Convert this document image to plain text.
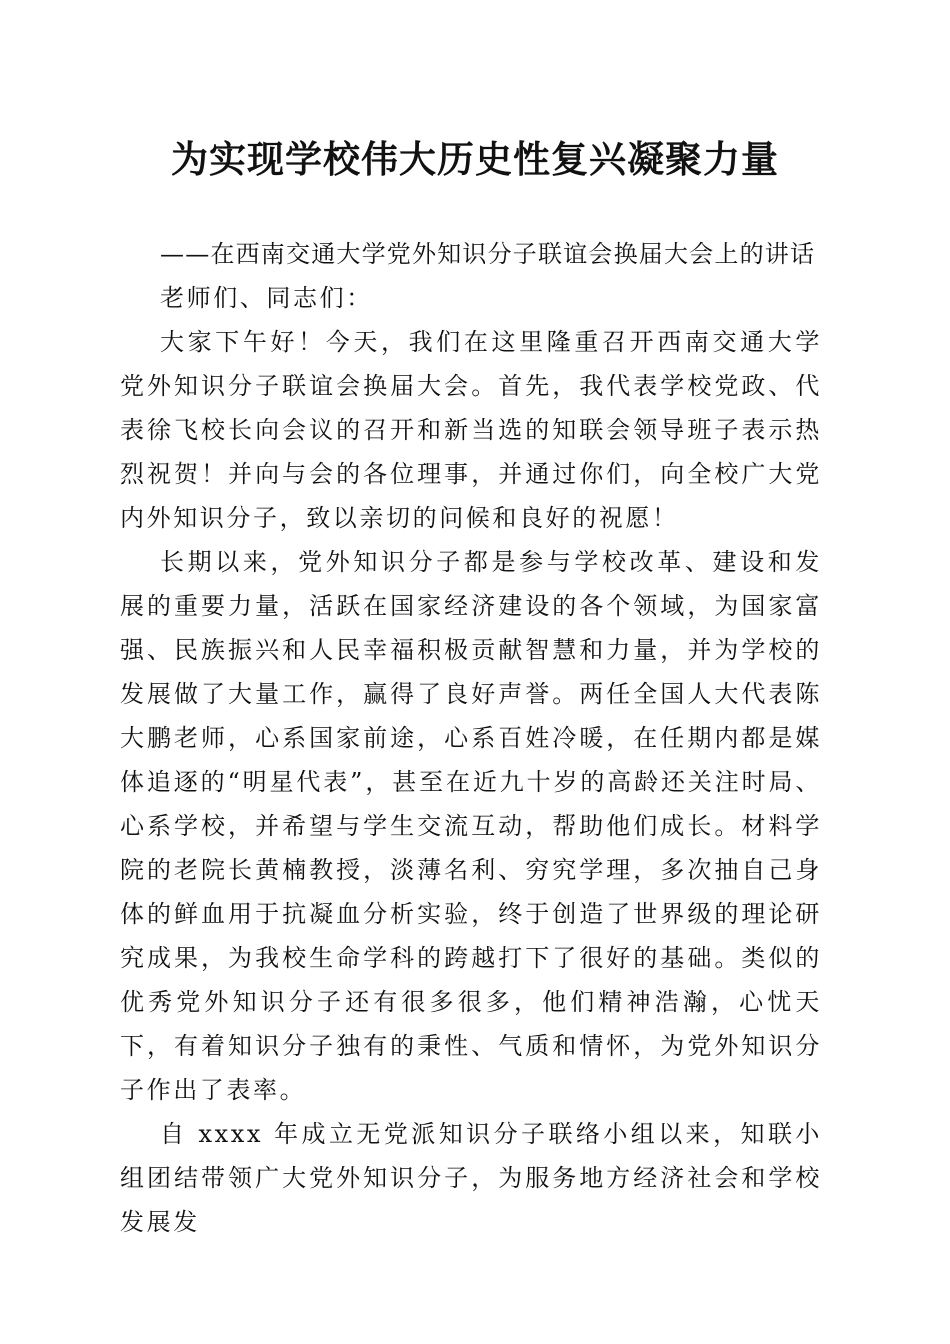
为实现学校伟大历史性复兴凝聚力量

——在西南交通大学党外知识分子联谊会换届大会上的讲话

老师们、同志们：

大家下午好！今天，我们在这里隆重召开西南交通大学党外知识分子联谊会换届大会。首先，我代表学校党政、代表徐飞校长向会议的召开和新当选的知联会领导班子表示热烈祝贺！并向与会的各位理事，并通过你们，向全校广大党内外知识分子，致以亲切的问候和良好的祝愿！

长期以来，党外知识分子都是参与学校改革、建设和发展的重要力量，活跃在国家经济建设的各个领域，为国家富强、民族振兴和人民幸福积极贡献智慧和力量，并为学校的发展做了大量工作，赢得了良好声誉。两任全国人大代表陈大鹏老师，心系国家前途，心系百姓冷暖，在任期内都是媒体追逐的“明星代表”，甚至在近九十岁的高龄还关注时局、心系学校，并希望与学生交流互动，帮助他们成长。材料学院的老院长黄楠教授，淡薄名利、穷究学理，多次抽自己身体的鲜血用于抗凝血分析实验，终于创造了世界级的理论研究成果，为我校生命学科的跨越打下了很好的基础。类似的优秀党外知识分子还有很多很多，他们精神浩瀚，心忧天下，有着知识分子独有的秉性、气质和情怀，为党外知识分子作出了表率。

自 xxxx 年成立无党派知识分子联络小组以来，知联小组团结带领广大党外知识分子，为服务地方经济社会和学校发展发
